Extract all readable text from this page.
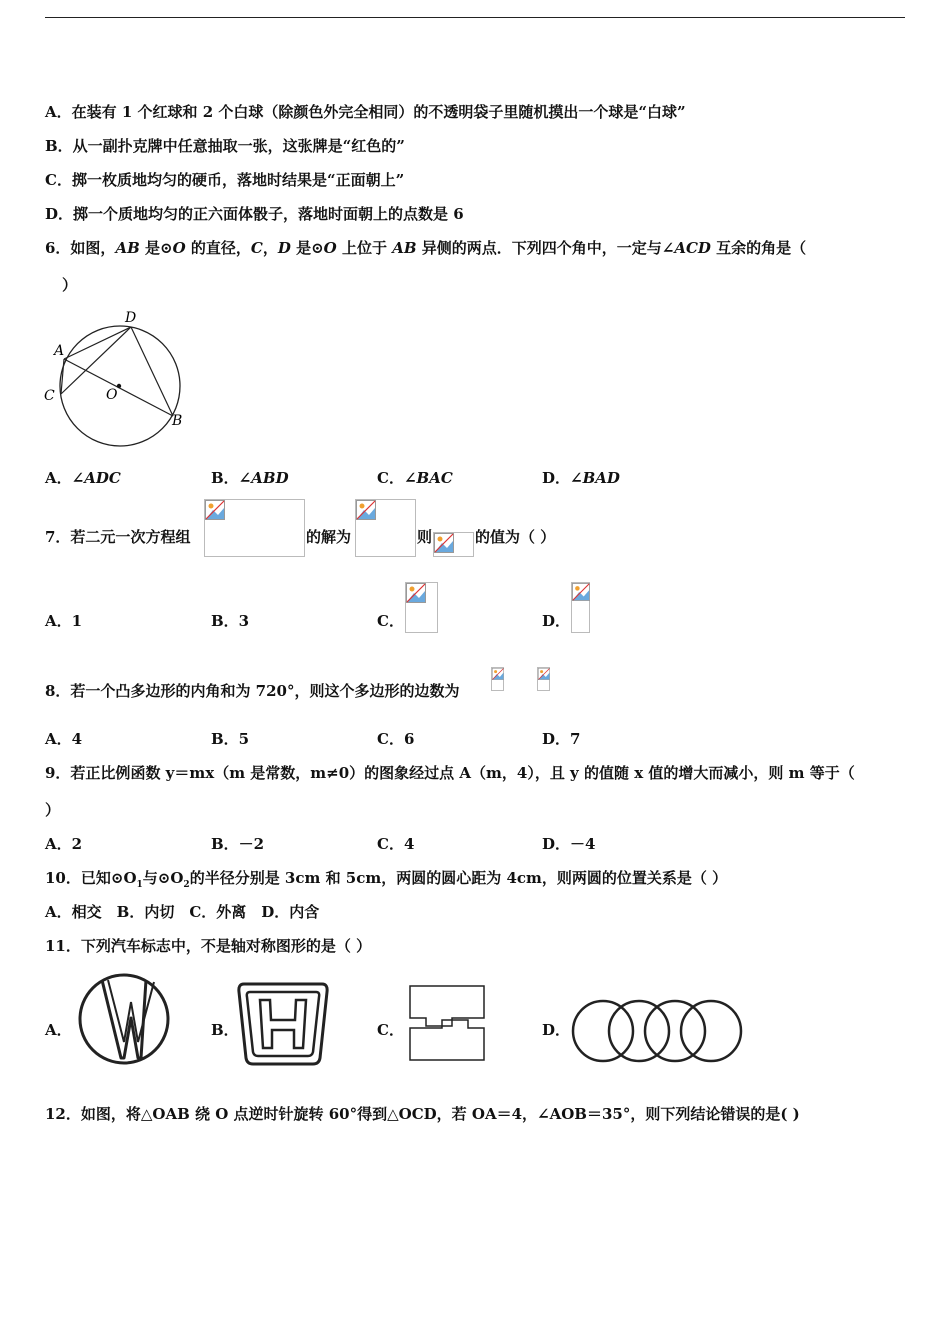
A．在装有 1 个红球和 2 个白球（除颜色外完全相同）的不透明袋子里随机摸出一个球是“白球”
B．从一副扑克牌中任意抽取一张，这张牌是“红色的”
C．掷一枚质地均匀的硬币，落地时结果是“正面朝上”
D．掷一个质地均匀的正六面体骰子，落地时面朝上的点数是 6
6．如图，AB 是⊙O 的直径，C，D 是⊙O 上位于 AB 异侧的两点．下列四个角中，一定与∠ACD 互余的角是（
）
A
D
C	O
B
A．∠ADC	B．∠ABD	C．∠BAC	D．∠BAD
7．若二元一次方程组	的解为	则	的值为（ ）
A．1	B．3	C．	D．
8．若一个凸多边形的内角和为 720°，则这个多边形的边数为
A．4	B．5	C．6	D．7
9．若正比例函数 y＝mx（m 是常数，m≠0）的图象经过点 A（m，4），且 y 的值随 x 值的增大而减小，则 m 等于（
）
A．2	B．－2	C．4	D．－4
10．已知$⊙O_1$与$⊙O_2$的半径分别是 3cm 和 5cm，两圆的圆心距为 4cm，则两圆的位置关系是（ ）
A．相交　B．内切　C．外离　D．内含
11．下列汽车标志中，不是轴对称图形的是（ ）
A．	B．	C．	D．
12．如图，将△OAB 绕 O 点逆时针旋转 60°得到△OCD，若 OA＝4，∠AOB＝35°，则下列结论错误的是( )
